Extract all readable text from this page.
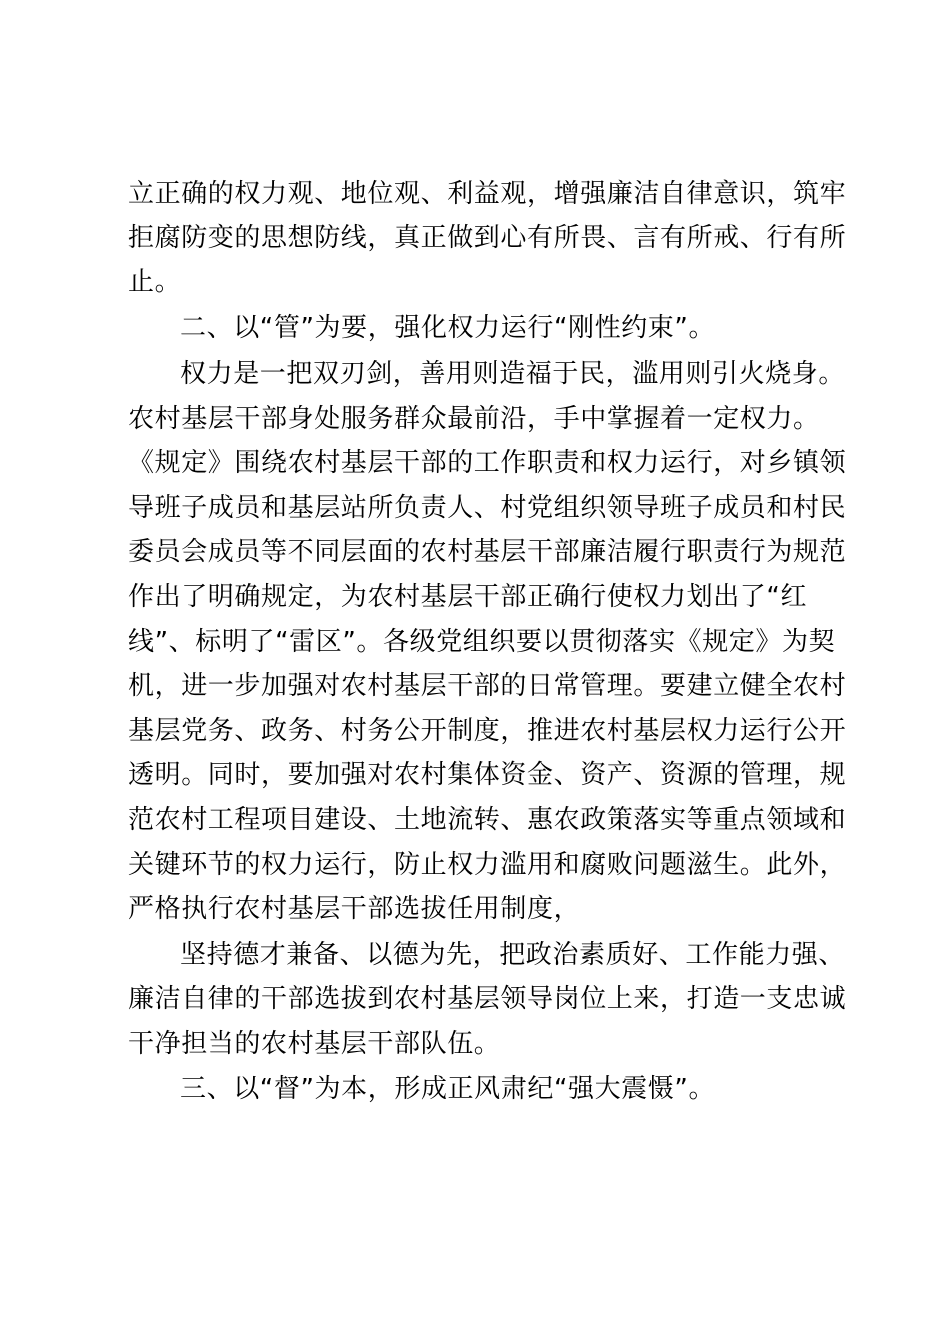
立正确的权力观、地位观、利益观，增强廉洁自律意识，筑牢
拒腐防变的思想防线，真正做到心有所畏、言有所戒、行有所
止。
二、以“管”为要，强化权力运行“刚性约束”。
权力是一把双刃剑，善用则造福于民，滥用则引火烧身。
农村基层干部身处服务群众最前沿，手中掌握着一定权力。
《规定》围绕农村基层干部的工作职责和权力运行，对乡镇领
导班子成员和基层站所负责人、村党组织领导班子成员和村民
委员会成员等不同层面的农村基层干部廉洁履行职责行为规范
作出了明确规定，为农村基层干部正确行使权力划出了“红
线”、标明了“雷区”。各级党组织要以贯彻落实《规定》为契
机，进一步加强对农村基层干部的日常管理。要建立健全农村
基层党务、政务、村务公开制度，推进农村基层权力运行公开
透明。同时，要加强对农村集体资金、资产、资源的管理，规
范农村工程项目建设、土地流转、惠农政策落实等重点领域和
关键环节的权力运行，防止权力滥用和腐败问题滋生。此外，
严格执行农村基层干部选拔任用制度，
坚持德才兼备、以德为先，把政治素质好、工作能力强、
廉洁自律的干部选拔到农村基层领导岗位上来，打造一支忠诚
干净担当的农村基层干部队伍。
三、以“督”为本，形成正风肃纪“强大震慑”。
